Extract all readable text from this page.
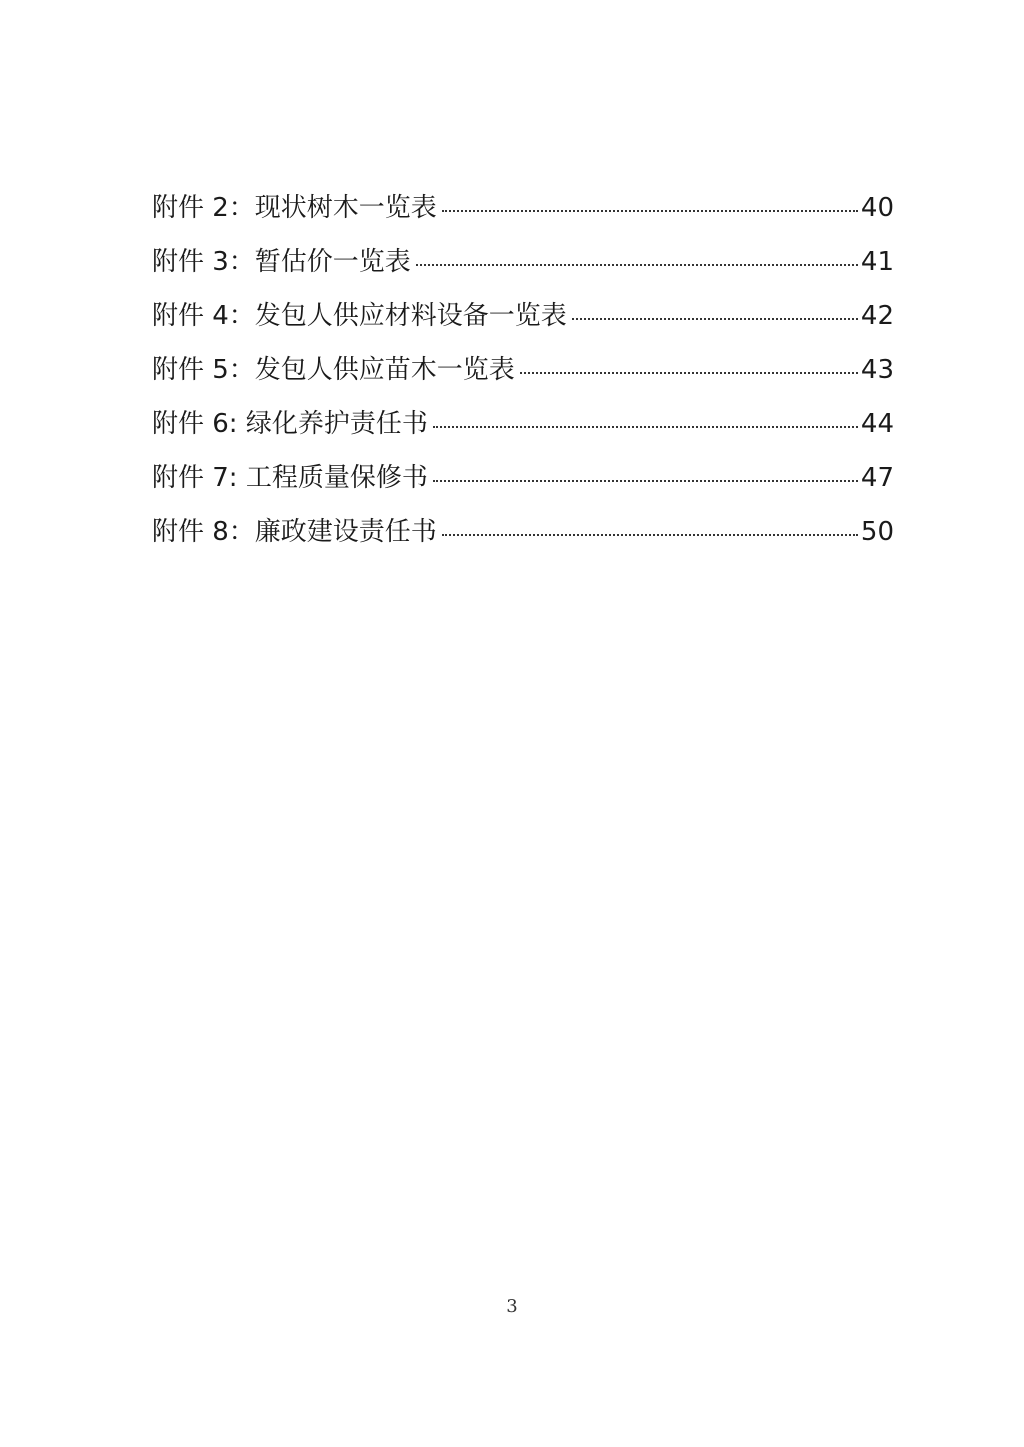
附件 2：现状树木一览表	40
附件 3：暂估价一览表	41
附件 4：发包人供应材料设备一览表	42
附件 5：发包人供应苗木一览表	43
附件 6: 绿化养护责任书	44
附件 7: 工程质量保修书	47
附件 8：廉政建设责任书	50
3
